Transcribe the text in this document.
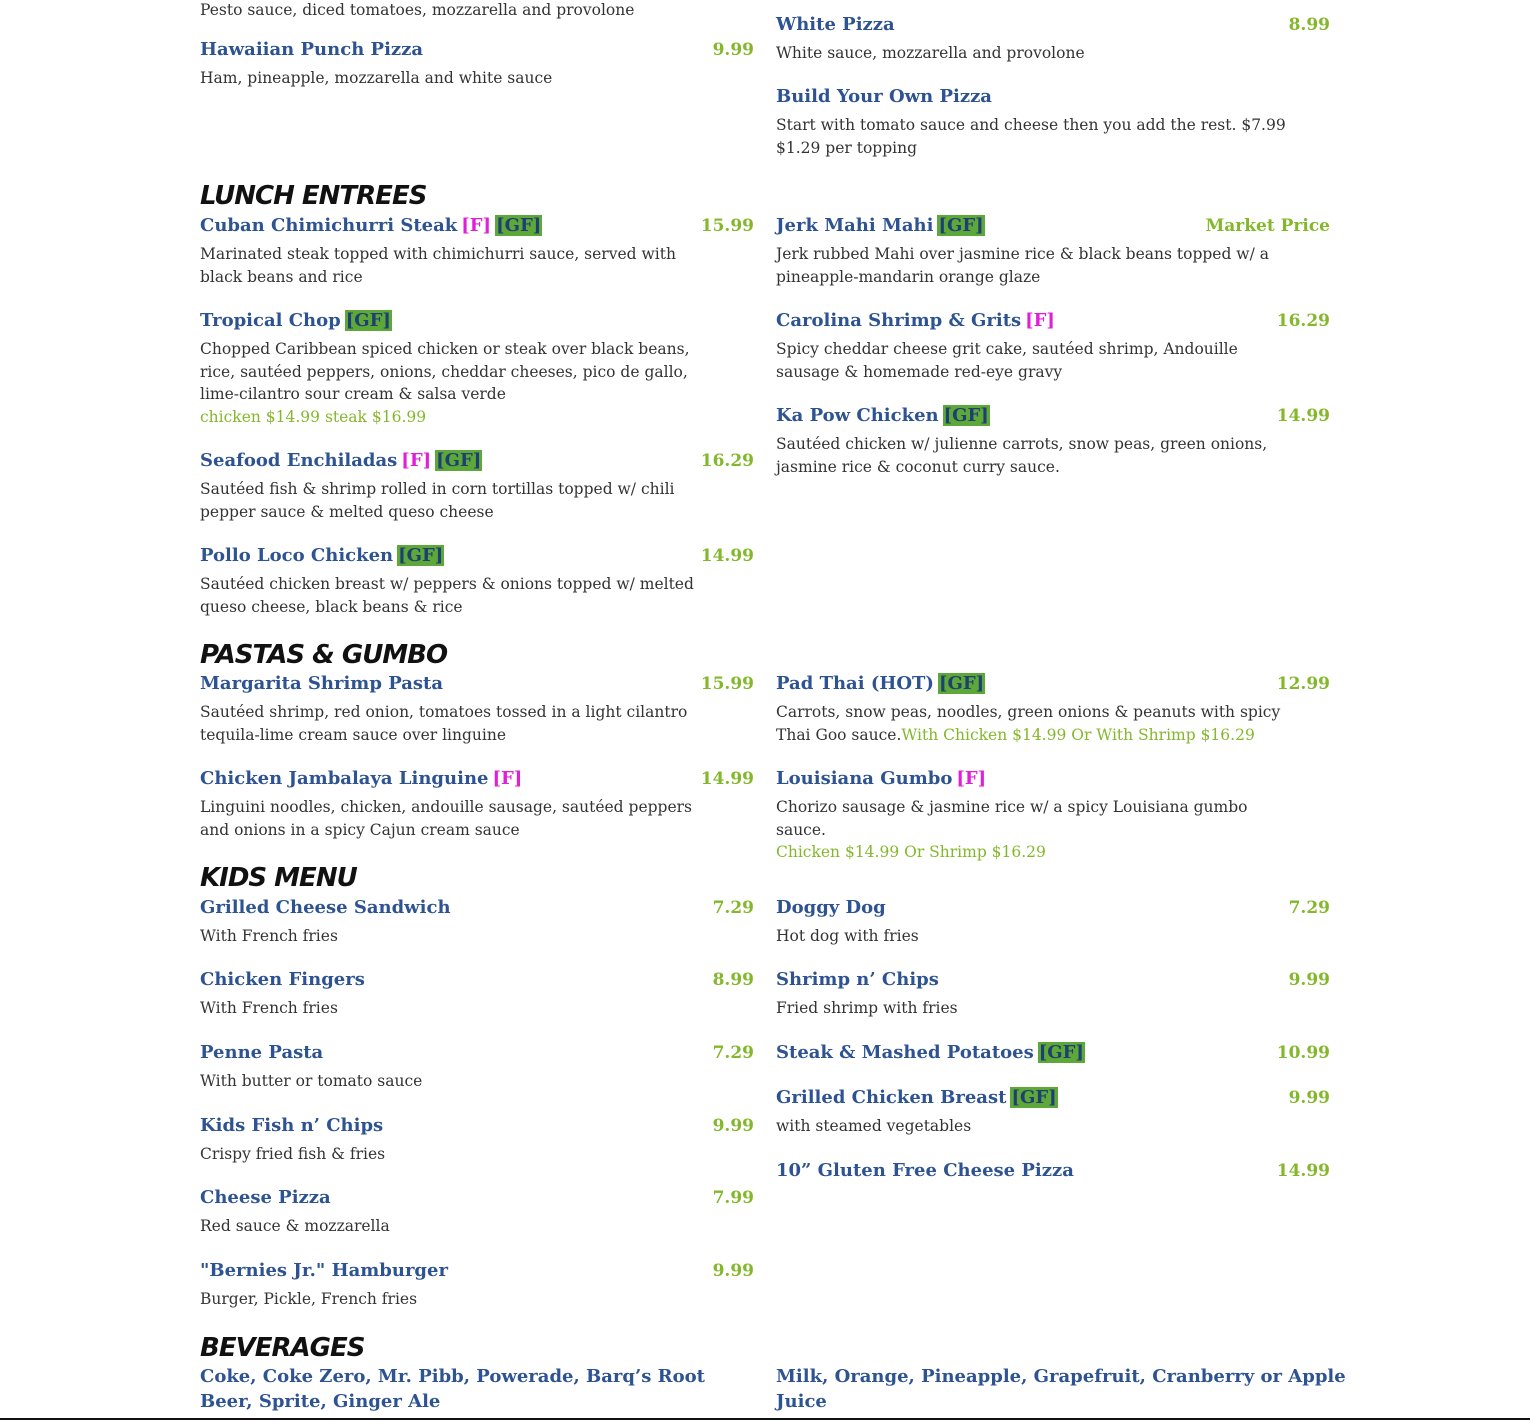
Pesto sauce, diced tomatoes, mozzarella and provolone
Hawaiian Punch Pizza	9.99
Ham, pineapple, mozzarella and white sauce
White Pizza	8.99
White sauce, mozzarella and provolone
Build Your Own Pizza
Start with tomato sauce and cheese then you add the rest. $7.99 $1.29 per topping
LUNCH ENTREES
Cuban Chimichurri Steak [F] [GF]	15.99
Marinated steak topped with chimichurri sauce, served with black beans and rice
Tropical Chop [GF]
Chopped Caribbean spiced chicken or steak over black beans, rice, sautéed peppers, onions, cheddar cheeses, pico de gallo, lime-cilantro sour cream & salsa verde
chicken $14.99 steak $16.99
Seafood Enchiladas [F] [GF]	16.29
Sautéed fish & shrimp rolled in corn tortillas topped w/ chili pepper sauce & melted queso cheese
Pollo Loco Chicken [GF]	14.99
Sautéed chicken breast w/ peppers & onions topped w/ melted queso cheese, black beans & rice
Jerk Mahi Mahi [GF]	Market Price
Jerk rubbed Mahi over jasmine rice & black beans topped w/ a pineapple-mandarin orange glaze
Carolina Shrimp & Grits [F]	16.29
Spicy cheddar cheese grit cake, sautéed shrimp, Andouille sausage & homemade red-eye gravy
Ka Pow Chicken [GF]	14.99
Sautéed chicken w/ julienne carrots, snow peas, green onions, jasmine rice & coconut curry sauce.
PASTAS & GUMBO
Margarita Shrimp Pasta	15.99
Sautéed shrimp, red onion, tomatoes tossed in a light cilantro tequila-lime cream sauce over linguine
Chicken Jambalaya Linguine [F]	14.99
Linguini noodles, chicken, andouille sausage, sautéed peppers and onions in a spicy Cajun cream sauce
Pad Thai (HOT) [GF]	12.99
Carrots, snow peas, noodles, green onions & peanuts with spicy Thai Goo sauce.With Chicken $14.99 Or With Shrimp $16.29
Louisiana Gumbo [F]
Chorizo sausage & jasmine rice w/ a spicy Louisiana gumbo sauce.
Chicken $14.99 Or Shrimp $16.29
KIDS MENU
Grilled Cheese Sandwich	7.29
With French fries
Chicken Fingers	8.99
With French fries
Penne Pasta	7.29
With butter or tomato sauce
Kids Fish n’ Chips	9.99
Crispy fried fish & fries
Cheese Pizza	7.99
Red sauce & mozzarella
"Bernies Jr." Hamburger	9.99
Burger, Pickle, French fries
Doggy Dog	7.29
Hot dog with fries
Shrimp n’ Chips	9.99
Fried shrimp with fries
Steak & Mashed Potatoes [GF]	10.99
Grilled Chicken Breast [GF]	9.99
with steamed vegetables
10” Gluten Free Cheese Pizza	14.99
BEVERAGES
Coke, Coke Zero, Mr. Pibb, Powerade, Barq’s Root Beer, Sprite, Ginger Ale
Milk, Orange, Pineapple, Grapefruit, Cranberry or Apple Juice
